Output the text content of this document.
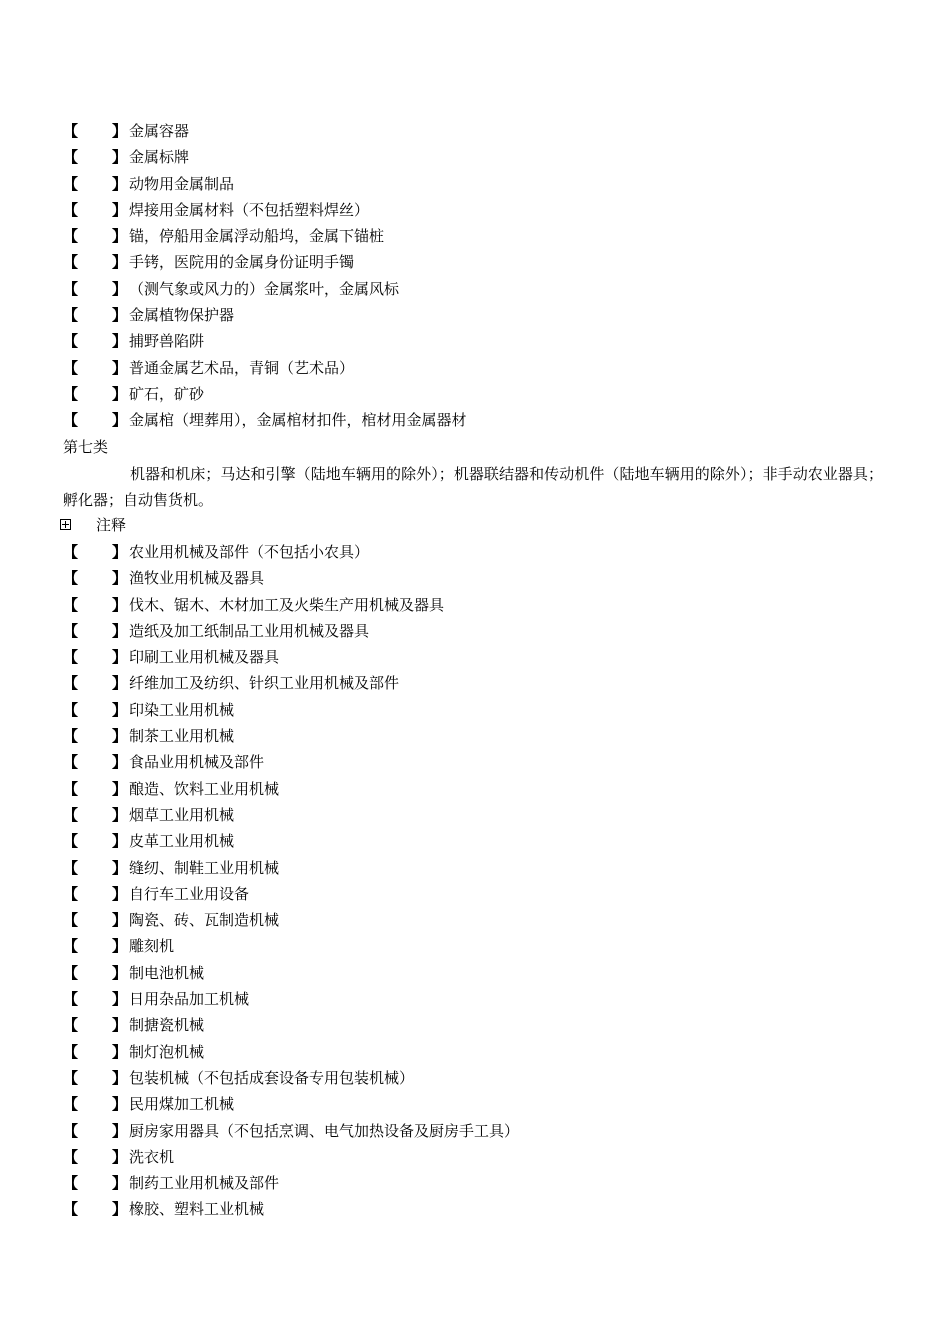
【 】 金属容器
【 】 金属标牌
【 】 动物用金属制品
【 】 焊接用金属材料（不包括塑料焊丝）
【 】 锚，停船用金属浮动船坞，金属下锚桩
【 】 手铐，医院用的金属身份证明手镯
【 】 （测气象或风力的）金属浆叶，金属风标
【 】 金属植物保护器
【 】 捕野兽陷阱
【 】 普通金属艺术品，青铜（艺术品）
【 】 矿石，矿砂
【 】 金属棺（埋葬用），金属棺材扣件，棺材用金属器材
第七类
机器和机床；马达和引擎（陆地车辆用的除外）；机器联结器和传动机件（陆地车辆用的除外）；非手动农业器具；孵化器；自动售货机。
注释
【 】 农业用机械及部件（不包括小农具）
【 】 渔牧业用机械及器具
【 】 伐木、锯木、木材加工及火柴生产用机械及器具
【 】 造纸及加工纸制品工业用机械及器具
【 】 印刷工业用机械及器具
【 】 纤维加工及纺织、针织工业用机械及部件
【 】 印染工业用机械
【 】 制茶工业用机械
【 】 食品业用机械及部件
【 】 酿造、饮料工业用机械
【 】 烟草工业用机械
【 】 皮革工业用机械
【 】 缝纫、制鞋工业用机械
【 】 自行车工业用设备
【 】 陶瓷、砖、瓦制造机械
【 】 雕刻机
【 】 制电池机械
【 】 日用杂品加工机械
【 】 制搪瓷机械
【 】 制灯泡机械
【 】 包装机械（不包括成套设备专用包装机械）
【 】 民用煤加工机械
【 】 厨房家用器具（不包括烹调、电气加热设备及厨房手工具）
【 】 洗衣机
【 】 制药工业用机械及部件
【 】 橡胶、塑料工业机械
